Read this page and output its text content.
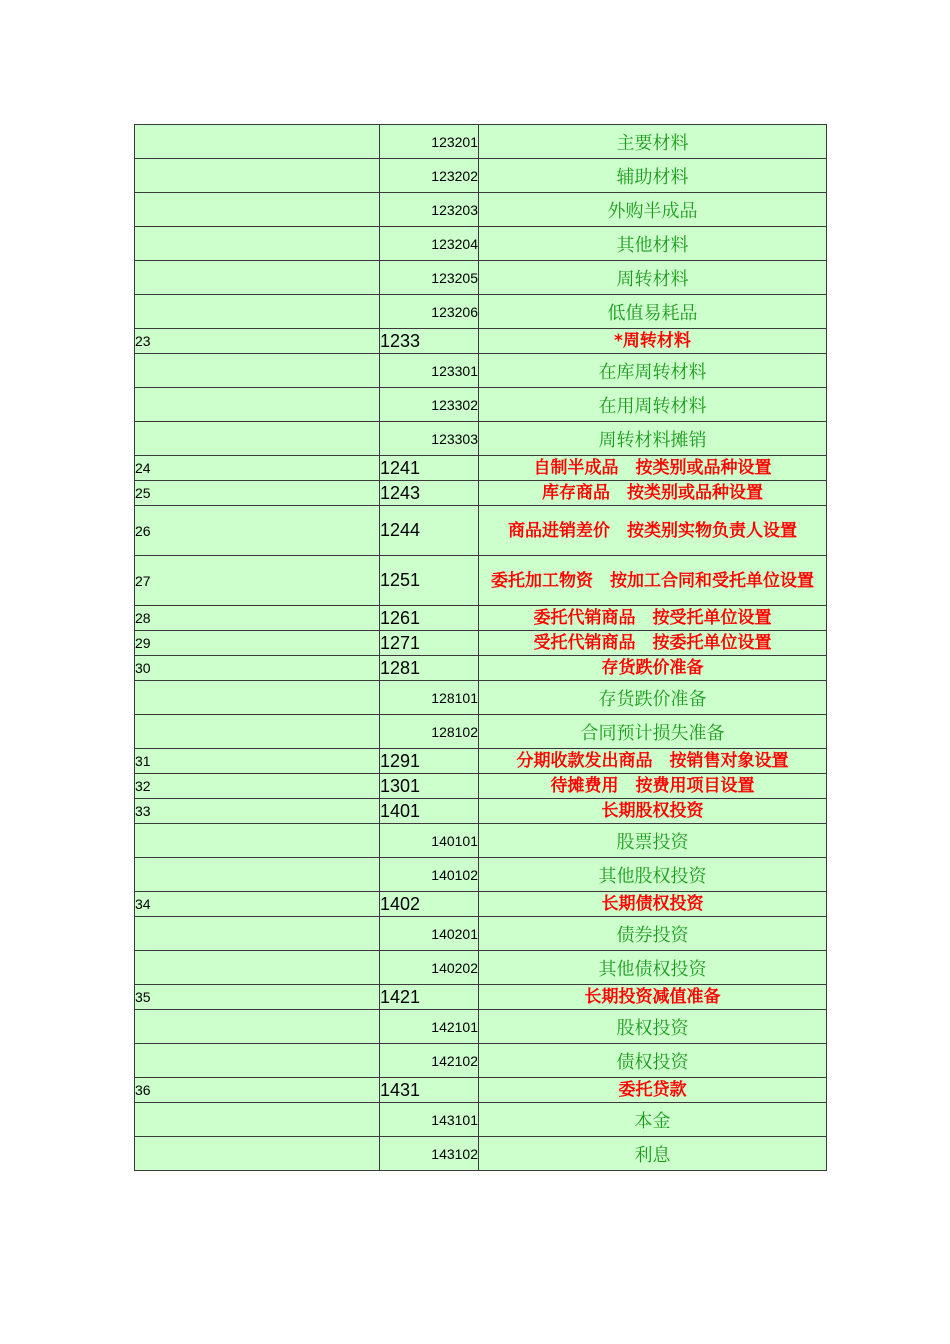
	123201	主要材料
	123202	辅助材料
	123203	外购半成品
	123204	其他材料
	123205	周转材料
	123206	低值易耗品
23	1233	*周转材料
	123301	在库周转材料
	123302	在用周转材料
	123303	周转材料摊销
24	1241	自制半成品　按类别或品种设置
25	1243	库存商品　按类别或品种设置
26	1244	商品进销差价　按类别实物负责人设置
27	1251	委托加工物资　按加工合同和受托单位设置
28	1261	委托代销商品　按受托单位设置
29	1271	受托代销商品　按委托单位设置
30	1281	存货跌价准备
	128101	存货跌价准备
	128102	合同预计损失准备
31	1291	分期收款发出商品　按销售对象设置
32	1301	待摊费用　按费用项目设置
33	1401	长期股权投资
	140101	股票投资
	140102	其他股权投资
34	1402	长期债权投资
	140201	债券投资
	140202	其他债权投资
35	1421	长期投资减值准备
	142101	股权投资
	142102	债权投资
36	1431	委托贷款
	143101	本金
	143102	利息
